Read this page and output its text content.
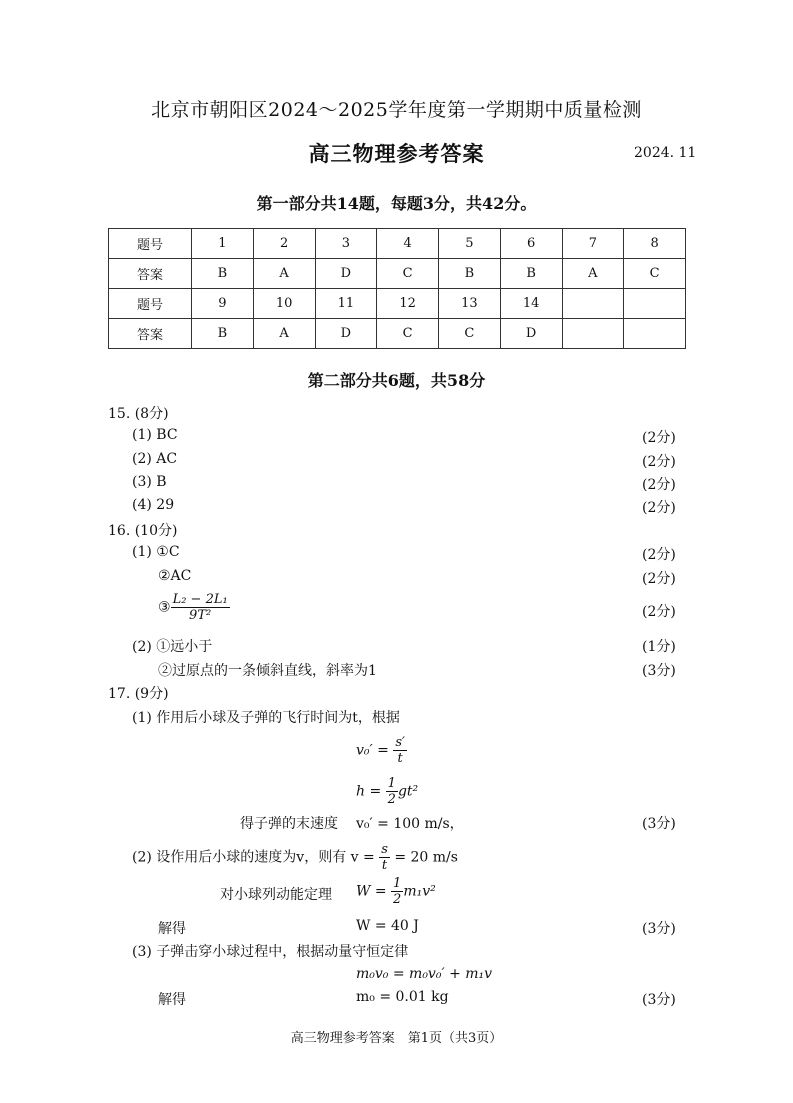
北京市朝阳区2024～2025学年度第一学期期中质量检测
高三物理参考答案	2024. 11
第一部分共14题，每题3分，共42分。
题号	1	2	3	4	5	6	7	8
答案	B	A	D	C	B	B	A	C
题号	9	10	11	12	13	14		
答案	B	A	D	C	C	D		
第二部分共6题，共58分
15. (8分)
(1) BC	(2分)
(2) AC	(2分)
(3) B	(2分)
(4) 29	(2分)
16. (10分)
(1) ①C	(2分)
②AC	(2分)
③ $\frac{\text{L₂ − 2L₁}}{\text{9T²}}$	(2分)
(2) ①远小于	(1分)
②过原点的一条倾斜直线，斜率为1	(3分)
17. (9分)
(1) 作用后小球及子弹的飞行时间为t，根据
$v_0' = \frac{s'}{t}$
$h = \frac{1}{2} gt^2$
得子弹的末速度 v₀′ = 100 m/s，	(3分)
(2) 设作用后小球的速度为v，则有 $v = \frac{s}{t} = 20$ m/s
对小球列动能定理 $W = \frac{1}{2} m_1v^2$
解得	W = 40 J	(3分)
(3) 子弹击穿小球过程中，根据动量守恒定律
m₀v₀ = m₀v₀′ + m₁v
解得	m₀ = 0.01 kg	(3分)
高三物理参考答案　第1页（共3页）
